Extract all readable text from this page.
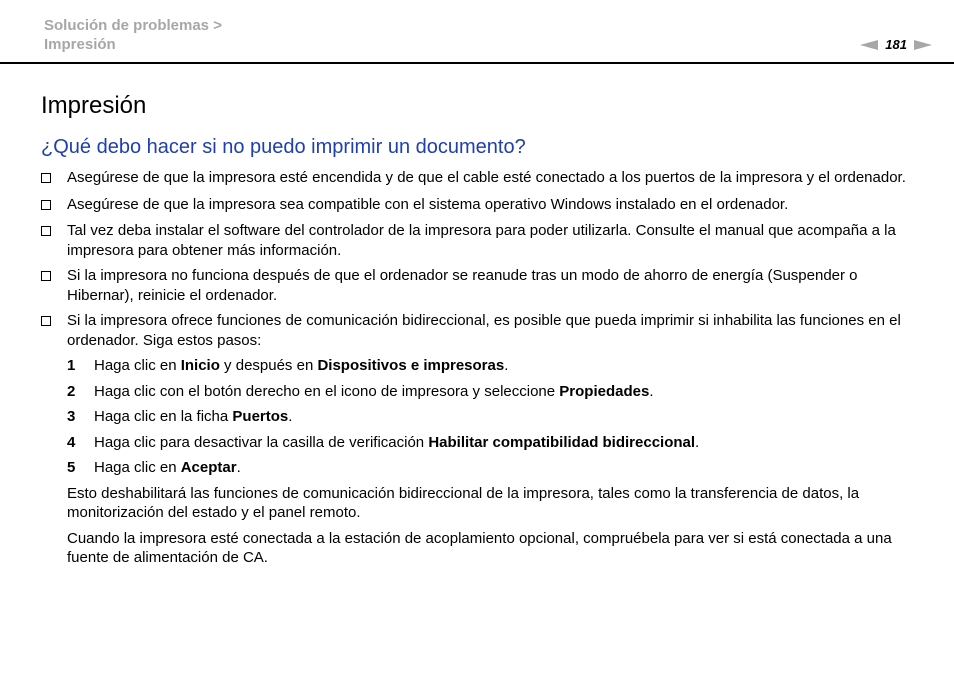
Solución de problemas >
Impresión	181
Impresión
¿Qué debo hacer si no puedo imprimir un documento?
Asegúrese de que la impresora esté encendida y de que el cable esté conectado a los puertos de la impresora y el ordenador.
Asegúrese de que la impresora sea compatible con el sistema operativo Windows instalado en el ordenador.
Tal vez deba instalar el software del controlador de la impresora para poder utilizarla. Consulte el manual que acompaña a la impresora para obtener más información.
Si la impresora no funciona después de que el ordenador se reanude tras un modo de ahorro de energía (Suspender o Hibernar), reinicie el ordenador.
Si la impresora ofrece funciones de comunicación bidireccional, es posible que pueda imprimir si inhabilita las funciones en el ordenador. Siga estos pasos:
1	Haga clic en Inicio y después en Dispositivos e impresoras.
2	Haga clic con el botón derecho en el icono de impresora y seleccione Propiedades.
3	Haga clic en la ficha Puertos.
4	Haga clic para desactivar la casilla de verificación Habilitar compatibilidad bidireccional.
5	Haga clic en Aceptar.
Esto deshabilitará las funciones de comunicación bidireccional de la impresora, tales como la transferencia de datos, la monitorización del estado y el panel remoto.
Cuando la impresora esté conectada a la estación de acoplamiento opcional, compruébela para ver si está conectada a una fuente de alimentación de CA.
